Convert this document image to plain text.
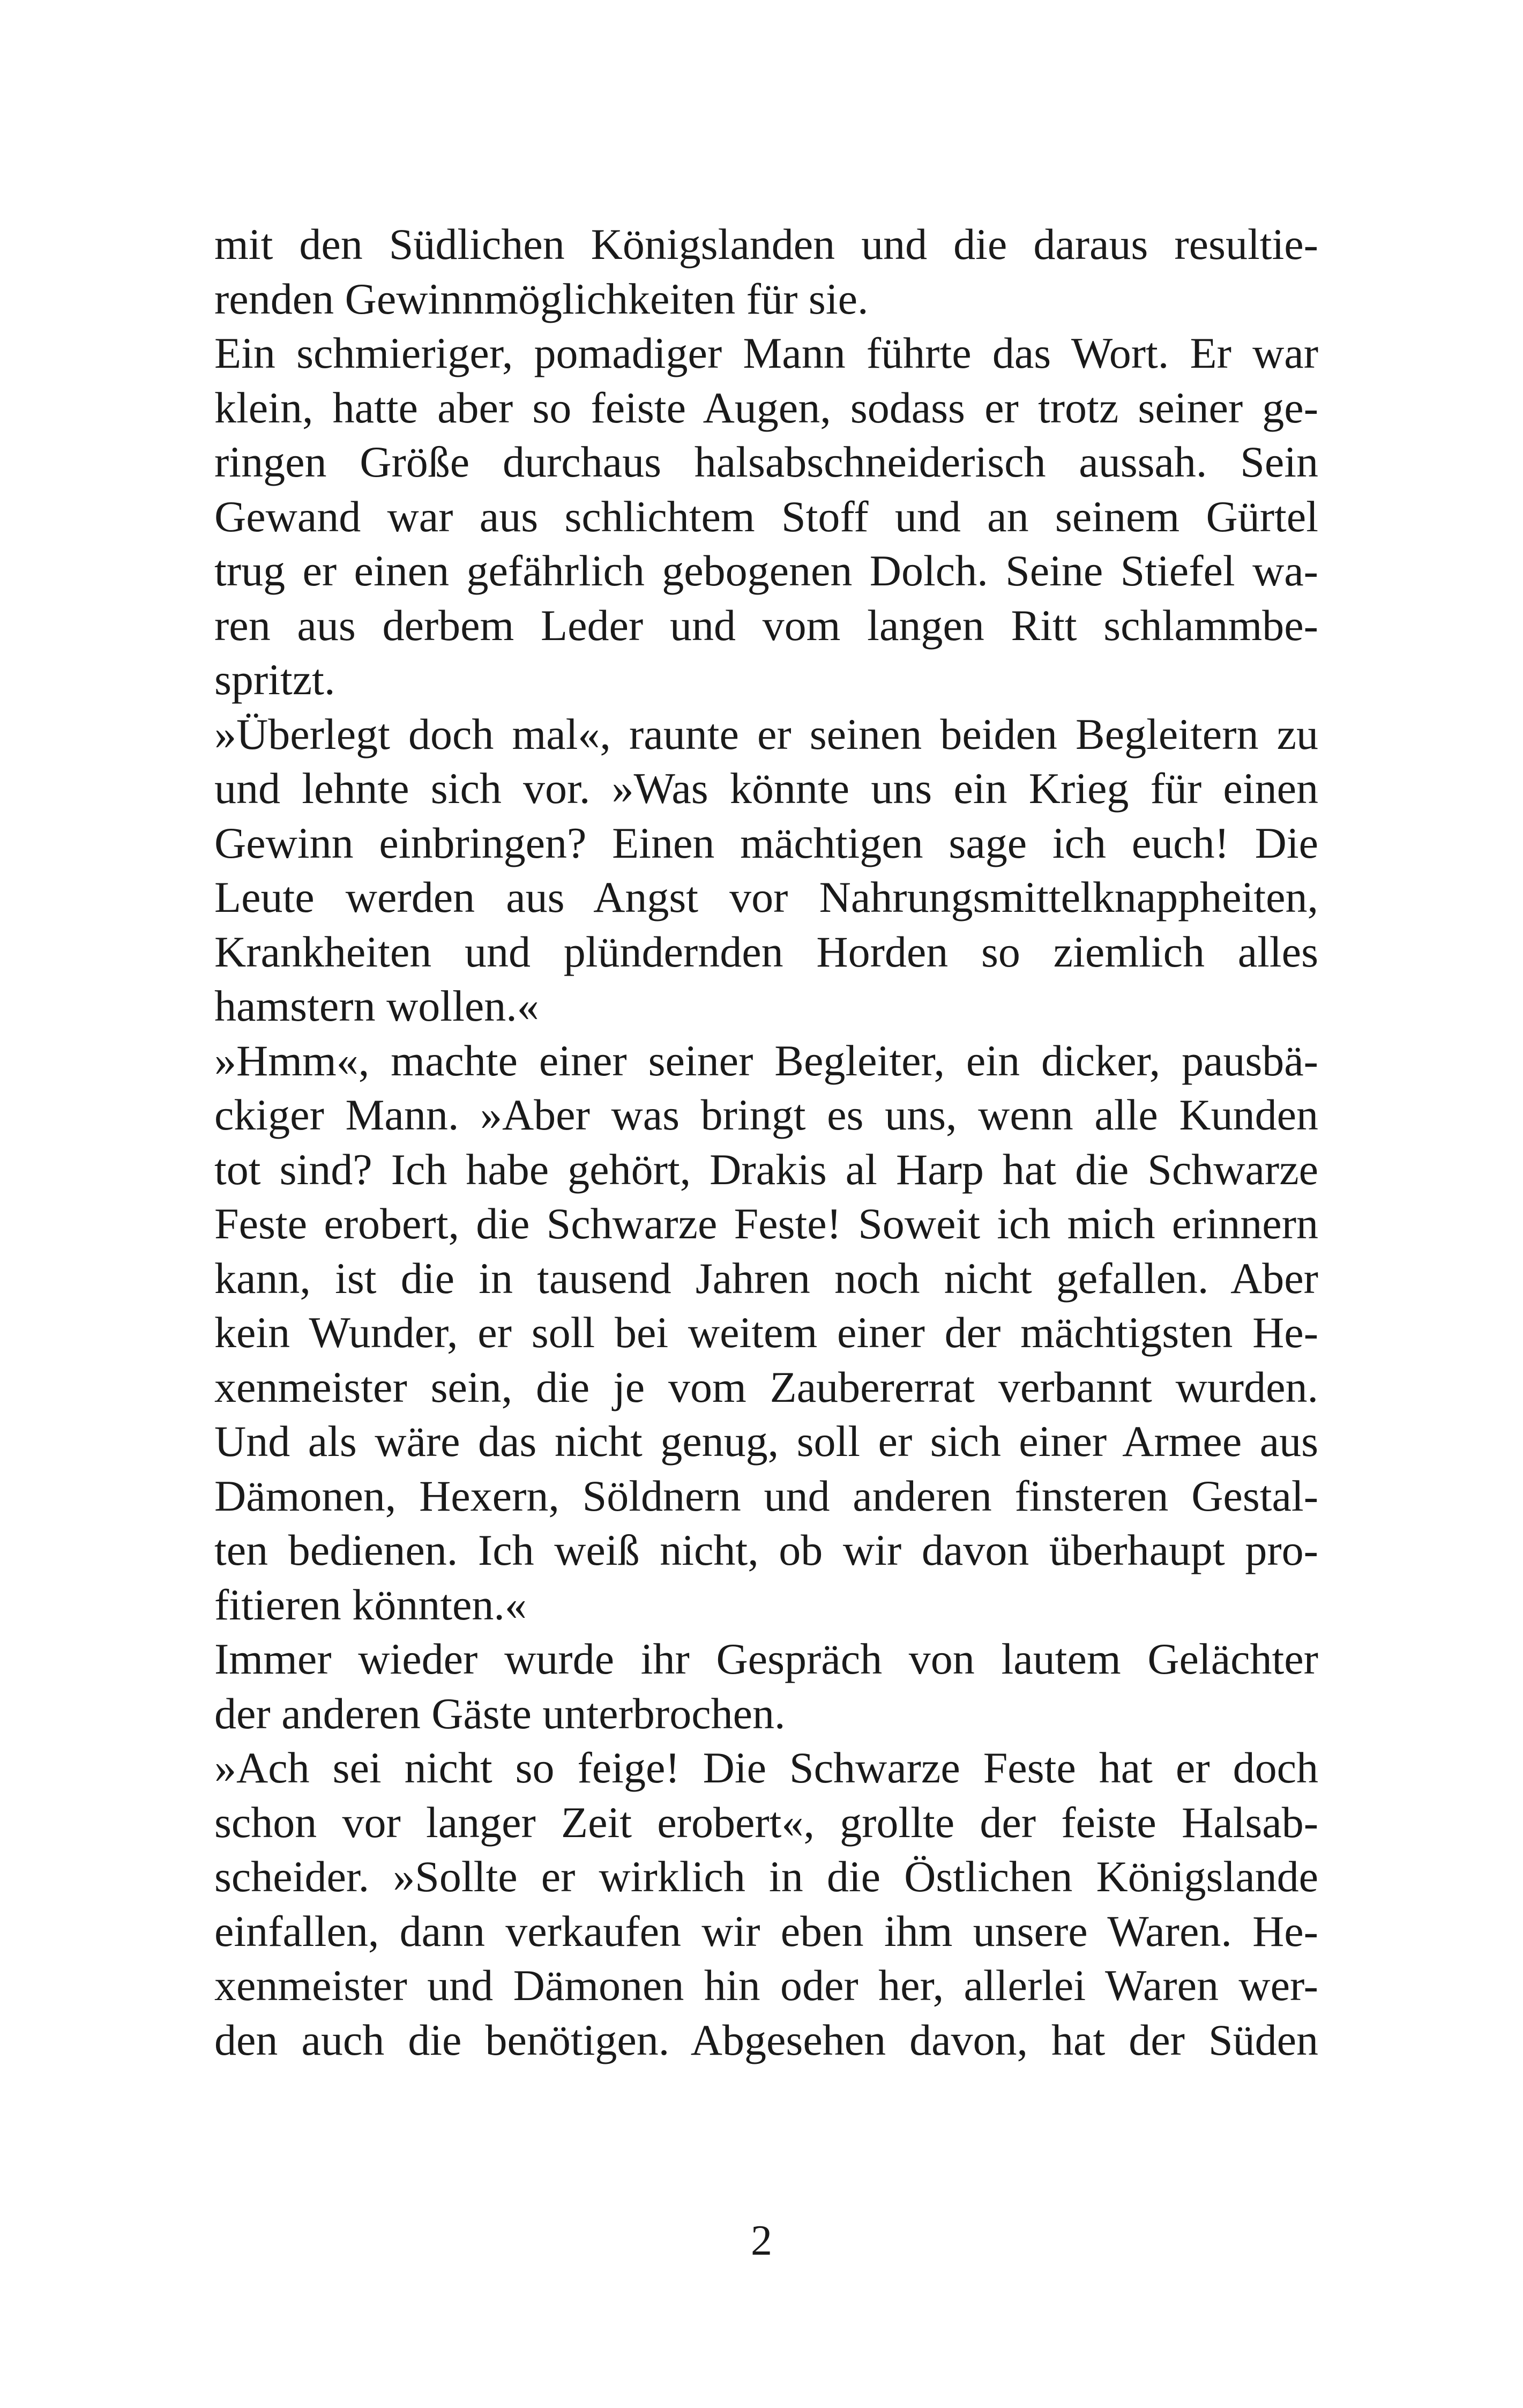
mit den Südlichen Königslanden und die daraus resultie-
renden Gewinnmöglichkeiten für sie.
Ein schmieriger, pomadiger Mann führte das Wort. Er war
klein, hatte aber so feiste Augen, sodass er trotz seiner ge-
ringen Größe durchaus halsabschneiderisch aussah. Sein
Gewand war aus schlichtem Stoff und an seinem Gürtel
trug er einen gefährlich gebogenen Dolch. Seine Stiefel wa-
ren aus derbem Leder und vom langen Ritt schlammbe-
spritzt.
»Überlegt doch mal«, raunte er seinen beiden Begleitern zu
und lehnte sich vor. »Was könnte uns ein Krieg für einen
Gewinn einbringen? Einen mächtigen sage ich euch! Die
Leute werden aus Angst vor Nahrungsmittelknappheiten,
Krankheiten und plündernden Horden so ziemlich alles
hamstern wollen.«
»Hmm«, machte einer seiner Begleiter, ein dicker, pausbä-
ckiger Mann. »Aber was bringt es uns, wenn alle Kunden
tot sind? Ich habe gehört, Drakis al Harp hat die Schwarze
Feste erobert, die Schwarze Feste! Soweit ich mich erinnern
kann, ist die in tausend Jahren noch nicht gefallen. Aber
kein Wunder, er soll bei weitem einer der mächtigsten He-
xenmeister sein, die je vom Zaubererrat verbannt wurden.
Und als wäre das nicht genug, soll er sich einer Armee aus
Dämonen, Hexern, Söldnern und anderen finsteren Gestal-
ten bedienen. Ich weiß nicht, ob wir davon überhaupt pro-
fitieren könnten.«
Immer wieder wurde ihr Gespräch von lautem Gelächter
der anderen Gäste unterbrochen.
»Ach sei nicht so feige! Die Schwarze Feste hat er doch
schon vor langer Zeit erobert«, grollte der feiste Halsab-
scheider. »Sollte er wirklich in die Östlichen Königslande
einfallen, dann verkaufen wir eben ihm unsere Waren. He-
xenmeister und Dämonen hin oder her, allerlei Waren wer-
den auch die benötigen. Abgesehen davon, hat der Süden
2
